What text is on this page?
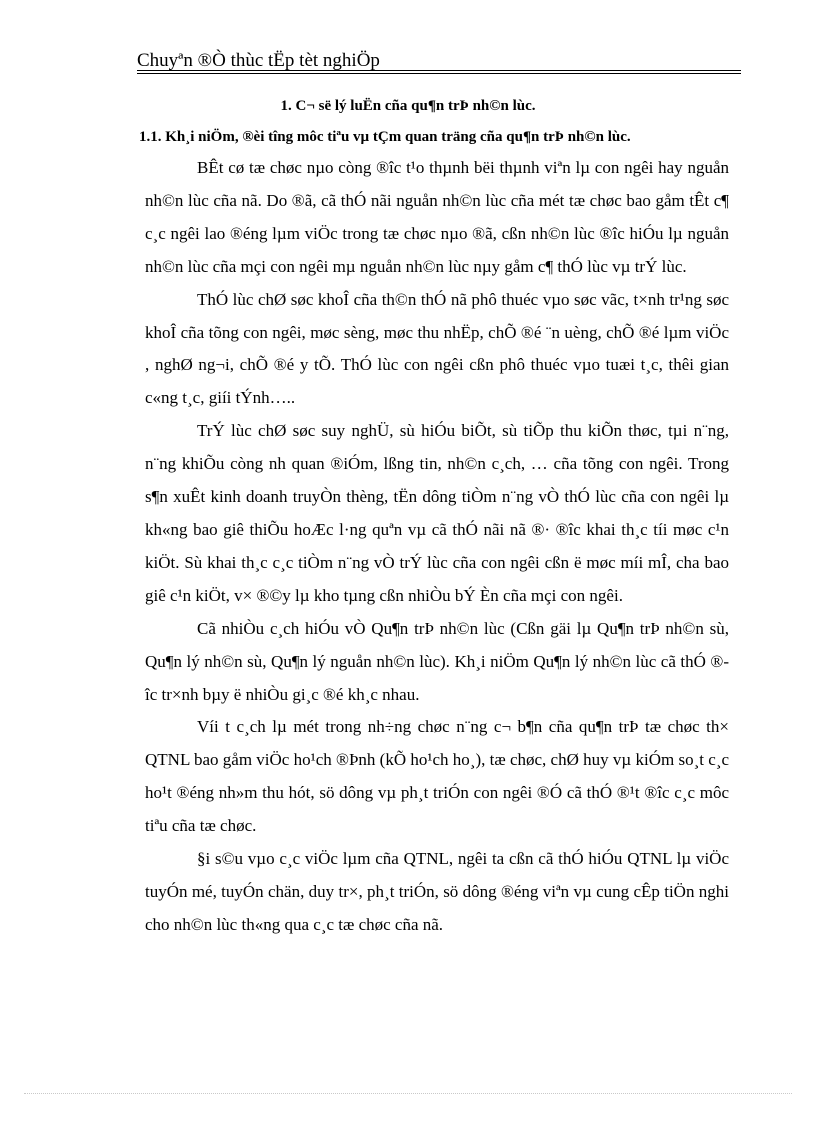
Chuyªn ®Ò thùc tËp tèt nghiÖp
1. C¬ së lý luËn cña qu¶n trÞ nh©n lùc.
1.1. Kh¸i niÖm, ®èi tîng môc tiªu vµ tÇm quan träng cña qu¶n trÞ nh©n lùc.

BÊt cø tæ chøc nµo còng ®îc t¹o thµnh bëi thµnh viªn lµ con ngêi hay nguån nh©n lùc cña nã. Do ®ã, cã thÓ nãi nguån nh©n lùc cña mét tæ chøc bao gåm tÊt c¶ c¸c ngêi lao ®éng lµm viÖc trong tæ chøc nµo ®ã, cßn nh©n lùc ®îc hiÓu lµ nguån nh©n lùc cña mçi con ngêi mµ nguån nh©n lùc nµy gåm c¶ thÓ lùc vµ trÝ lùc.

ThÓ lùc chØ søc khoÎ cña th©n thÓ nã phô thuéc vµo søc vãc, t×nh tr¹ng søc khoÎ cña tõng con ngêi, møc sèng, møc thu nhËp, chÕ ®é ¨n uèng, chÕ ®é lµm viÖc , nghØ ng¬i, chÕ ®é y tÕ. ThÓ lùc con ngêi cßn phô thuéc vµo tuæi t¸c, thêi gian c«ng t¸c, giíi tÝnh…..

TrÝ lùc chØ søc suy nghÜ, sù hiÓu biÕt, sù tiÕp thu kiÕn thøc, tµi n¨ng, n¨ng khiÕu còng nh quan ®iÓm, lßng tin, nh©n c¸ch, … cña tõng con ngêi. Trong s¶n xuÊt kinh doanh truyÒn thèng, tËn dông tiÒm n¨ng vÒ thÓ lùc cña con ngêi lµ kh«ng bao giê thiÕu hoÆc l·ng quªn vµ cã thÓ nãi nã ®· ®îc khai th¸c tíi møc c¹n kiÖt. Sù khai th¸c c¸c tiÒm n¨ng vÒ trÝ lùc cña con ngêi cßn ë møc míi mÎ, cha bao giê c¹n kiÖt, v× ®©y lµ kho tµng cßn nhiÒu bÝ Èn cña mçi con ngêi.

Cã nhiÒu c¸ch hiÓu vÒ Qu¶n trÞ nh©n lùc (Cßn gäi lµ Qu¶n trÞ nh©n sù, Qu¶n lý nh©n sù, Qu¶n lý nguån nh©n lùc). Kh¸i niÖm Qu¶n lý nh©n lùc cã thÓ ®îc tr×nh bµy ë nhiÒu gi¸c ®é kh¸c nhau.

Víi t c¸ch lµ mét trong nh÷ng chøc n¨ng c¬ b¶n cña qu¶n trÞ tæ chøc th× QTNL bao gåm viÖc ho¹ch ®Þnh (kÕ ho¹ch ho¸), tæ chøc, chØ huy vµ kiÓm so¸t c¸c ho¹t ®éng nh»m thu hót, sö dông vµ ph¸t triÓn con ngêi ®Ó cã thÓ ®¹t ®îc c¸c môc tiªu cña tæ chøc.

§i s©u vµo c¸c viÖc lµm cña QTNL, ngêi ta cßn cã thÓ hiÓu QTNL lµ viÖc tuyÓn mé, tuyÓn chän, duy tr×, ph¸t triÓn, sö dông ®éng viªn vµ cung cÊp tiÖn nghi cho nh©n lùc th«ng qua c¸c tæ chøc cña nã.
